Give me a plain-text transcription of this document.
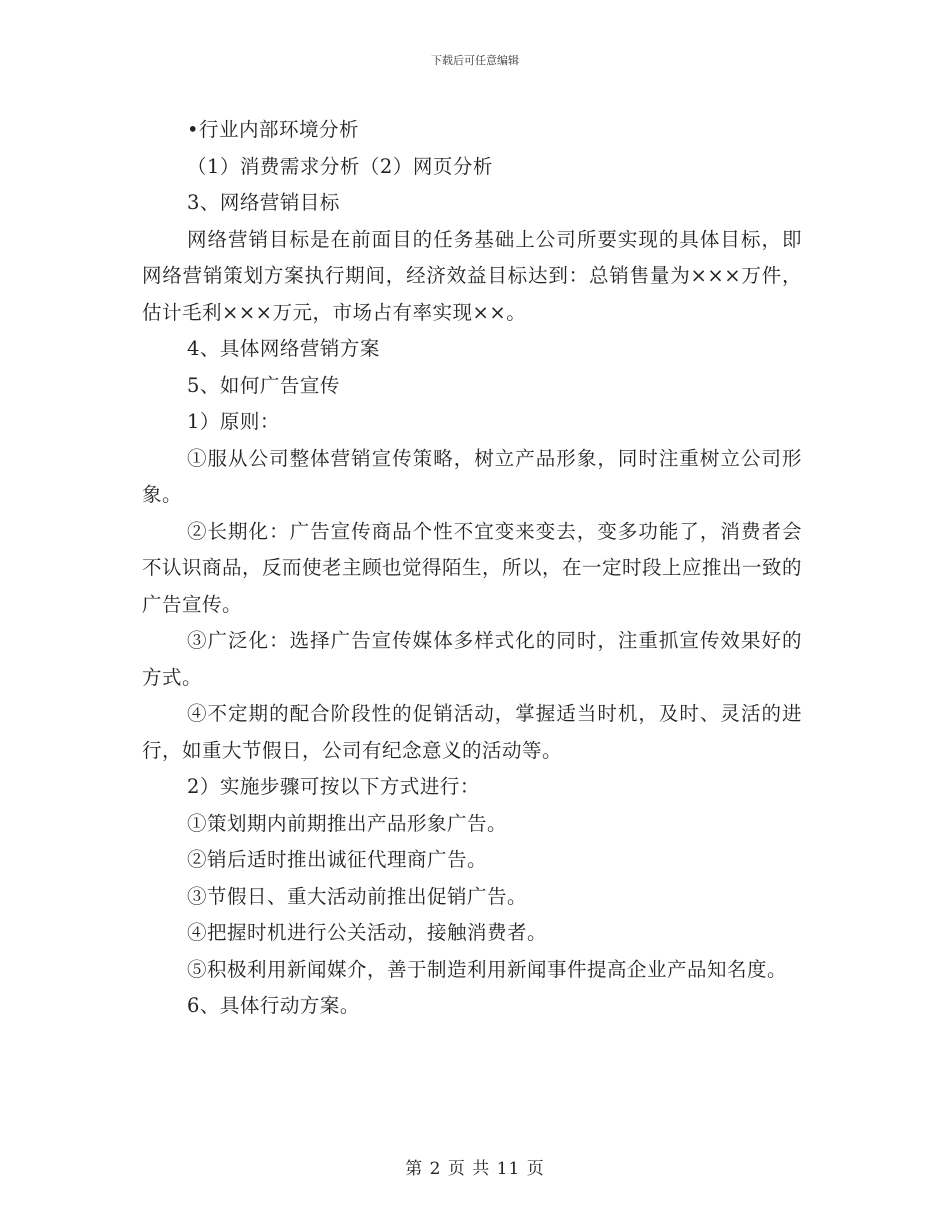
下载后可任意编辑

•行业内部环境分析

（1）消费需求分析（2）网页分析

3、网络营销目标

网络营销目标是在前面目的任务基础上公司所要实现的具体目标，即网络营销策划方案执行期间，经济效益目标达到：总销售量为×××万件，估计毛利×××万元，市场占有率实现××。

4、具体网络营销方案

5、如何广告宣传

1）原则：

①服从公司整体营销宣传策略，树立产品形象，同时注重树立公司形象。

②长期化：广告宣传商品个性不宜变来变去，变多功能了，消费者会不认识商品，反而使老主顾也觉得陌生，所以，在一定时段上应推出一致的广告宣传。

③广泛化：选择广告宣传媒体多样式化的同时，注重抓宣传效果好的方式。

④不定期的配合阶段性的促销活动，掌握适当时机，及时、灵活的进行，如重大节假日，公司有纪念意义的活动等。

2）实施步骤可按以下方式进行：

①策划期内前期推出产品形象广告。

②销后适时推出诚征代理商广告。

③节假日、重大活动前推出促销广告。

④把握时机进行公关活动，接触消费者。

⑤积极利用新闻媒介，善于制造利用新闻事件提高企业产品知名度。

6、具体行动方案。

第 2 页 共 11 页
